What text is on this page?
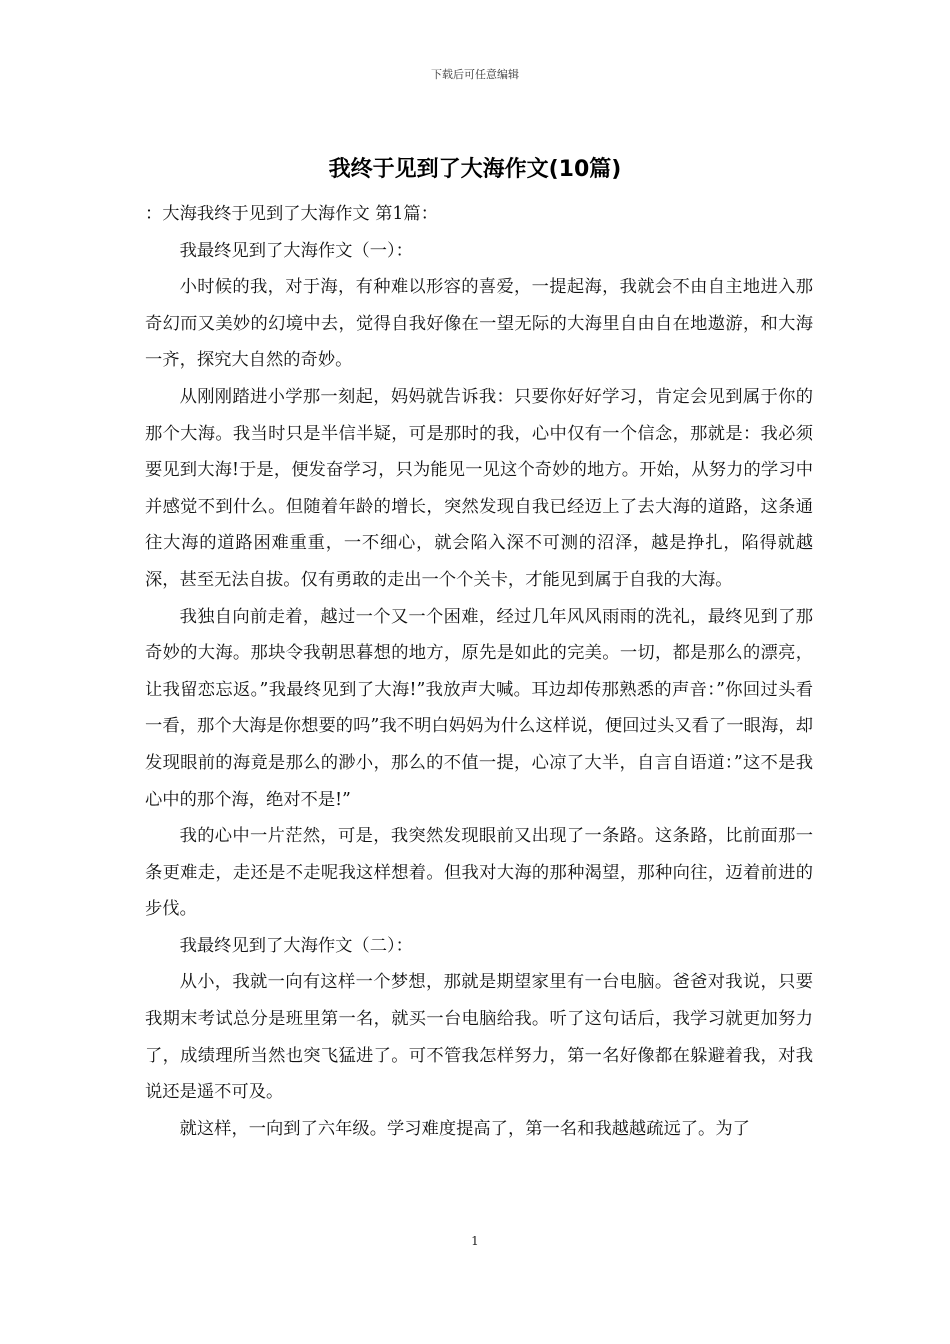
下载后可任意编辑
我终于见到了大海作文(10篇)

：大海我终于见到了大海作文 第1篇：

我最终见到了大海作文（一）：

小时候的我，对于海，有种难以形容的喜爱，一提起海，我就会不由自主地进入那奇幻而又美妙的幻境中去，觉得自我好像在一望无际的大海里自由自在地遨游，和大海一齐，探究大自然的奇妙。

从刚刚踏进小学那一刻起，妈妈就告诉我：只要你好好学习，肯定会见到属于你的那个大海。我当时只是半信半疑，可是那时的我，心中仅有一个信念，那就是：我必须要见到大海!于是，便发奋学习，只为能见一见这个奇妙的地方。开始，从努力的学习中并感觉不到什么。但随着年龄的增长，突然发现自我已经迈上了去大海的道路，这条通往大海的道路困难重重，一不细心，就会陷入深不可测的沼泽，越是挣扎，陷得就越深，甚至无法自拔。仅有勇敢的走出一个个关卡，才能见到属于自我的大海。

我独自向前走着，越过一个又一个困难，经过几年风风雨雨的洗礼，最终见到了那奇妙的大海。那块令我朝思暮想的地方，原先是如此的完美。一切，都是那么的漂亮，让我留恋忘返。”我最终见到了大海!”我放声大喊。耳边却传那熟悉的声音：”你回过头看一看，那个大海是你想要的吗”我不明白妈妈为什么这样说，便回过头又看了一眼海，却发现眼前的海竟是那么的渺小，那么的不值一提，心凉了大半，自言自语道：”这不是我心中的那个海，绝对不是!”

我的心中一片茫然，可是，我突然发现眼前又出现了一条路。这条路，比前面那一条更难走，走还是不走呢我这样想着。但我对大海的那种渴望，那种向往，迈着前进的步伐。

我最终见到了大海作文（二）：

从小，我就一向有这样一个梦想，那就是期望家里有一台电脑。爸爸对我说，只要我期末考试总分是班里第一名，就买一台电脑给我。听了这句话后，我学习就更加努力了，成绩理所当然也突飞猛进了。可不管我怎样努力，第一名好像都在躲避着我，对我说还是遥不可及。

就这样，一向到了六年级。学习难度提高了，第一名和我越越疏远了。为了

1
